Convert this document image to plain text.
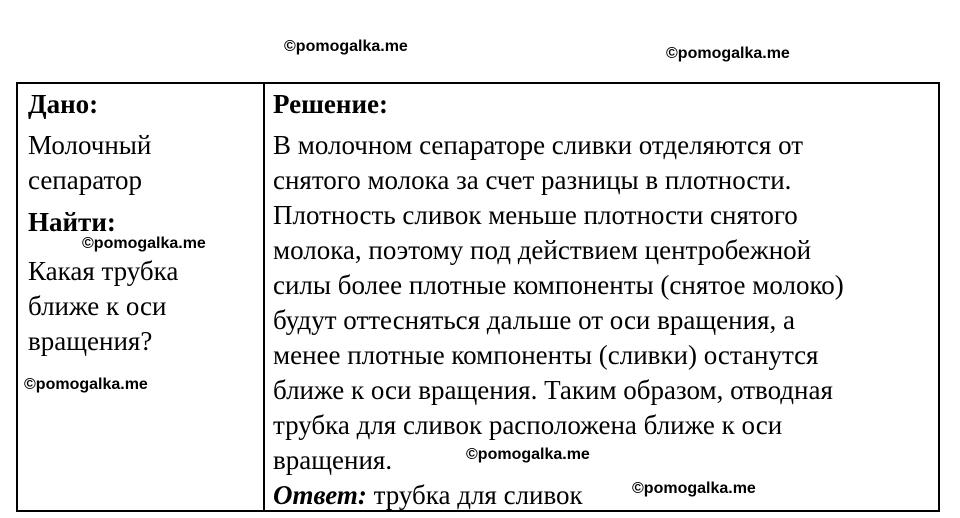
Дано:

Молочный

сепаратор

Найти:

Какая трубка

ближе к оси

вращения?

Решение:

В молочном сепараторе сливки отделяются от

снятого молока за счет разницы в плотности.

Плотность сливок меньше плотности снятого

молока, поэтому под действием центробежной

силы более плотные компоненты (снятое молоко)

будут оттесняться дальше от оси вращения, а

менее плотные компоненты (сливки) останутся

ближе к оси вращения. Таким образом, отводная

трубка для сливок расположена ближе к оси

вращения.

Ответ: трубка для сливок

©pomogalka.me	©pomogalka.me
©pomogalka.me
©pomogalka.me
©pomogalka.me
©pomogalka.me
